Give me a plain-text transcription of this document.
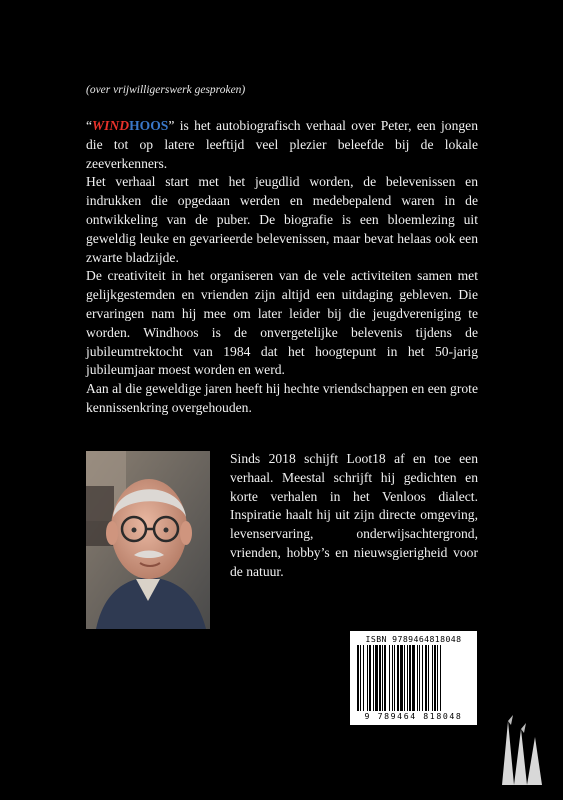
(over vrijwilligerswerk gesproken)

“WINDHOOS” is het autobiografisch verhaal over Peter, een jongen die tot op latere leeftijd veel plezier beleefde bij de lokale zeeverkenners.

Het verhaal start met het jeugdlid worden, de belevenissen en indrukken die opgedaan werden en medebepalend waren in de ontwikkeling van de puber. De biografie is een bloemlezing uit geweldig leuke en gevarieerde belevenissen, maar bevat helaas ook een zwarte bladzijde.

De creativiteit in het organiseren van de vele activiteiten samen met gelijkgestemden en vrienden zijn altijd een uitdaging gebleven. Die ervaringen nam hij mee om later leider bij die jeugdvereniging te worden. Windhoos is de onvergetelijke belevenis tijdens de jubileumtrektocht van 1984 dat het hoogtepunt in het 50-jarig jubileumjaar moest worden en werd.

Aan al die geweldige jaren heeft hij hechte vriendschappen en een grote kennissenkring overgehouden.

Sinds 2018 schijft Loot18 af en toe een verhaal. Meestal schrijft hij gedichten en korte verhalen in het Venloos dialect. Inspiratie haalt hij uit zijn directe omgeving, levenservaring, onderwijsachtergrond, vrienden, hobby’s en nieuwsgierigheid voor de natuur.

ISBN 9789464818048
9 789464 818048
